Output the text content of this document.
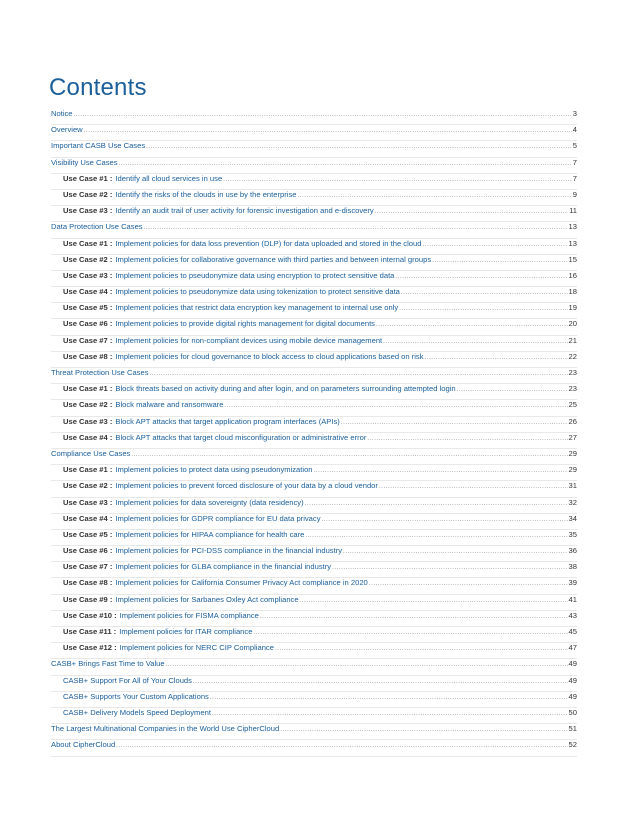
Contents
Notice .....	3
Overview .....	4
Important CASB Use Cases .....	5
Visibility Use Cases .....	7
Use Case #1 : Identify all cloud services in use .....	7
Use Case #2 : Identify the risks of the clouds in use by the enterprise .....	9
Use Case #3 : Identify an audit trail of user activity for forensic investigation and e-discovery .....	11
Data Protection Use Cases .....	13
Use Case #1 : Implement policies for data loss prevention (DLP) for data uploaded and stored in the cloud .....	13
Use Case #2 : Implement policies for collaborative governance with third parties and between internal groups .....	15
Use Case #3 : Implement policies to pseudonymize data using encryption to protect sensitive data .....	16
Use Case #4 : Implement policies to pseudonymize data using tokenization to protect sensitive data .....	18
Use Case #5 : Implement policies that restrict data encryption key management to internal use only .....	19
Use Case #6 : Implement policies to provide digital rights management for digital documents .....	20
Use Case #7 : Implement policies for non-compliant devices using mobile device management .....	21
Use Case #8 : Implement policies for cloud governance to block access to cloud applications based on risk .....	22
Threat Protection Use Cases .....	23
Use Case #1 : Block threats based on activity during and after login, and on parameters surrounding attempted login .....	23
Use Case #2 : Block malware and ransomware .....	25
Use Case #3 : Block APT attacks that target application program interfaces (APIs) .....	26
Use Case #4 : Block APT attacks that target cloud misconfiguration or administrative error .....	27
Compliance Use Cases .....	29
Use Case #1 : Implement policies to protect data using pseudonymization .....	29
Use Case #2 : Implement policies to prevent forced disclosure of your data by a cloud vendor .....	31
Use Case #3 : Implement policies for data sovereignty (data residency) .....	32
Use Case #4 : Implement policies for GDPR compliance for EU data privacy .....	34
Use Case #5 : Implement policies for HIPAA compliance for health care .....	35
Use Case #6 : Implement policies for PCI-DSS compliance in the financial industry .....	36
Use Case #7 : Implement policies for GLBA compliance in the financial industry .....	38
Use Case #8 : Implement policies for California Consumer Privacy Act compliance in 2020 .....	39
Use Case #9 : Implement policies for Sarbanes Oxley Act compliance .....	41
Use Case #10 : Implement policies for FISMA compliance .....	43
Use Case #11 : Implement policies for ITAR compliance .....	45
Use Case #12 : Implement policies for NERC CIP Compliance .....	47
CASB+ Brings Fast Time to Value .....	49
CASB+ Support For All of Your Clouds .....	49
CASB+ Supports Your Custom Applications .....	49
CASB+ Delivery Models Speed Deployment .....	50
The Largest Multinational Companies in the World Use CipherCloud .....	51
About CipherCloud .....	52
